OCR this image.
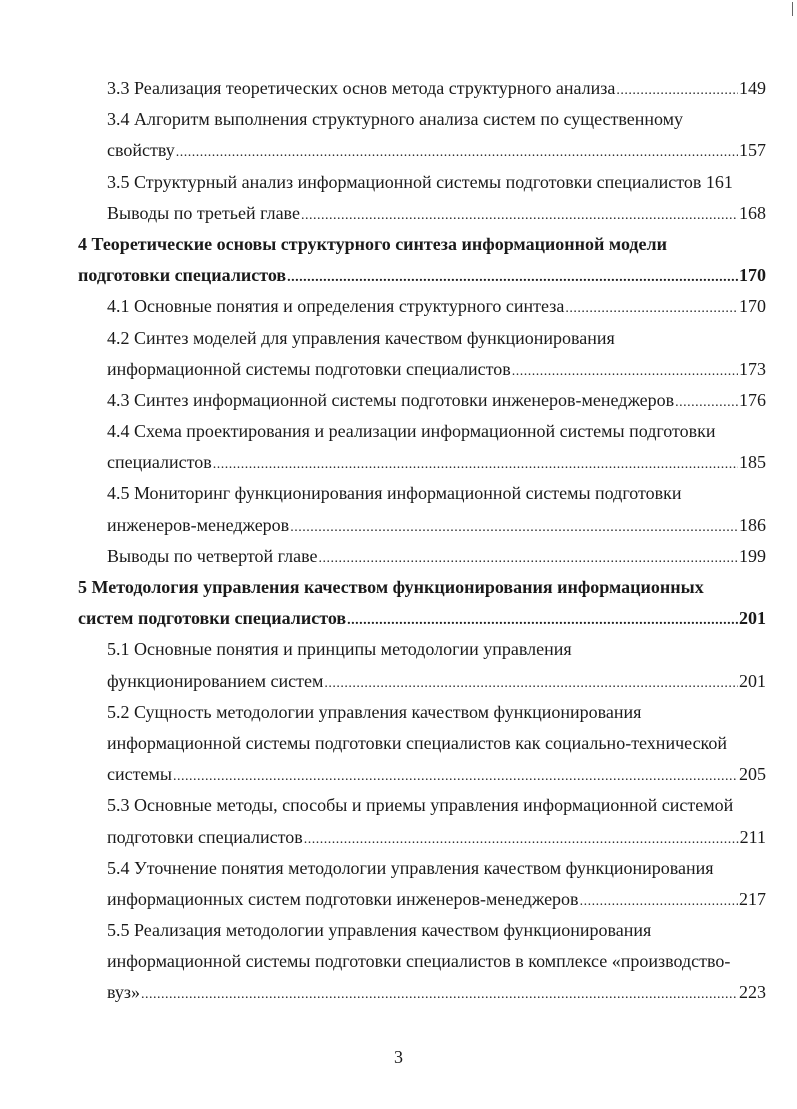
3.3 Реализация теоретических основ метода структурного анализа .....	149
3.4 Алгоритм выполнения структурного анализа систем по существенному
свойству .....	157
3.5 Структурный анализ информационной системы подготовки специалистов 161
Выводы по третьей главе .....	168
4 Теоретические основы структурного синтеза информационной модели
подготовки специалистов .....	170
4.1 Основные понятия и определения структурного синтеза .....	170
4.2 Синтез моделей для управления качеством функционирования
информационной системы подготовки специалистов .....	173
4.3 Синтез информационной системы подготовки инженеров-менеджеров .....	176
4.4 Схема проектирования и реализации информационной системы подготовки
специалистов .....	185
4.5 Мониторинг функционирования информационной системы подготовки
инженеров-менеджеров .....	186
Выводы по четвертой главе .....	199
5 Методология управления качеством функционирования информационных
систем подготовки специалистов .....	201
5.1 Основные понятия и принципы методологии управления
функционированием систем .....	201
5.2 Сущность методологии управления качеством функционирования
информационной системы подготовки специалистов как социально-технической
системы .....	205
5.3 Основные методы, способы и приемы управления информационной системой
подготовки специалистов .....	211
5.4 Уточнение понятия методологии управления качеством функционирования
информационных систем подготовки инженеров-менеджеров .....	217
5.5 Реализация методологии управления качеством функционирования
информационной системы подготовки специалистов в комплексе «производство-
вуз» .....	223
3
